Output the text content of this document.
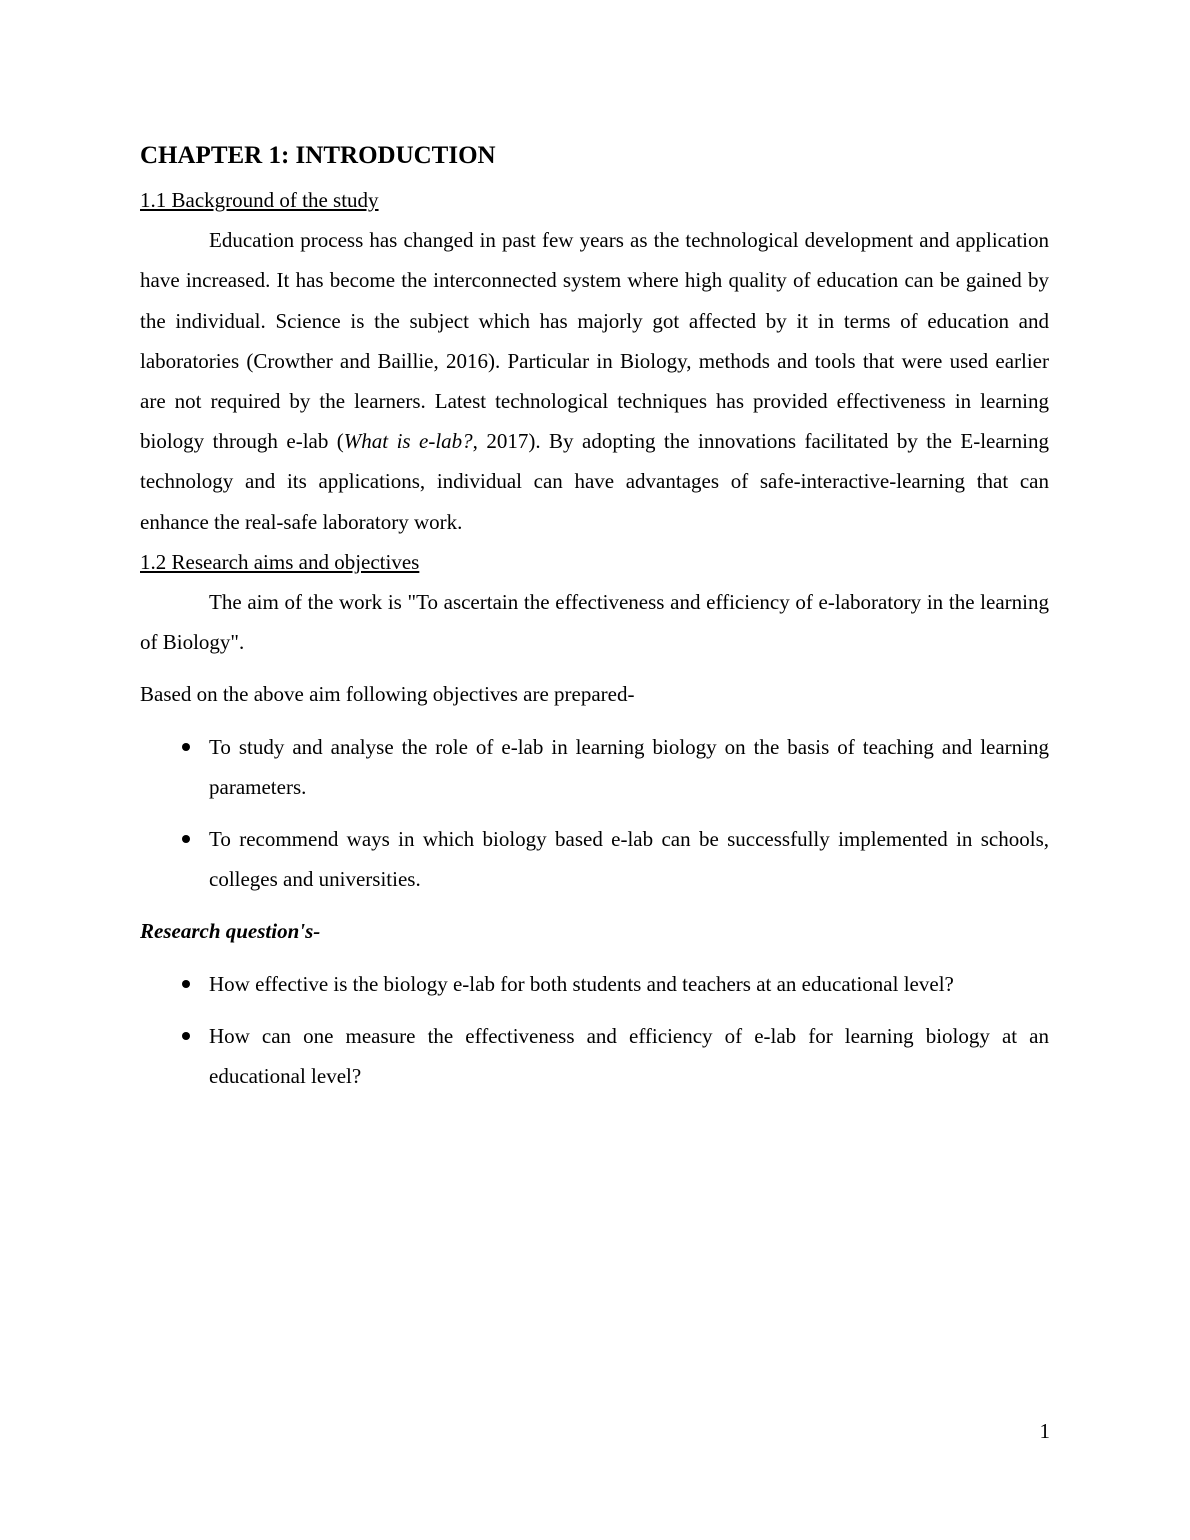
CHAPTER 1: INTRODUCTION

1.1 Background of the study

Education process has changed in past few years as the technological development and application have increased. It has become the interconnected system where high quality of education can be gained by the individual. Science is the subject which has majorly got affected by it in terms of education and laboratories (Crowther and Baillie, 2016). Particular in Biology, methods and tools that were used earlier are not required by the learners. Latest technological techniques has provided effectiveness in learning biology through e-lab (What is e-lab?, 2017). By adopting the innovations facilitated by the E-learning technology and its applications, individual can have advantages of safe-interactive-learning that can enhance the real-safe laboratory work.

1.2 Research aims and objectives

The aim of the work is "To ascertain the effectiveness and efficiency of e-laboratory in the learning of Biology".

Based on the above aim following objectives are prepared-

To study and analyse the role of e-lab in learning biology on the basis of teaching and learning parameters.
To recommend ways in which biology based e-lab can be successfully implemented in schools, colleges and universities.

Research question's-

How effective is the biology e-lab for both students and teachers at an educational level?
How can one measure the effectiveness and efficiency of e-lab for learning biology at an educational level?
1
